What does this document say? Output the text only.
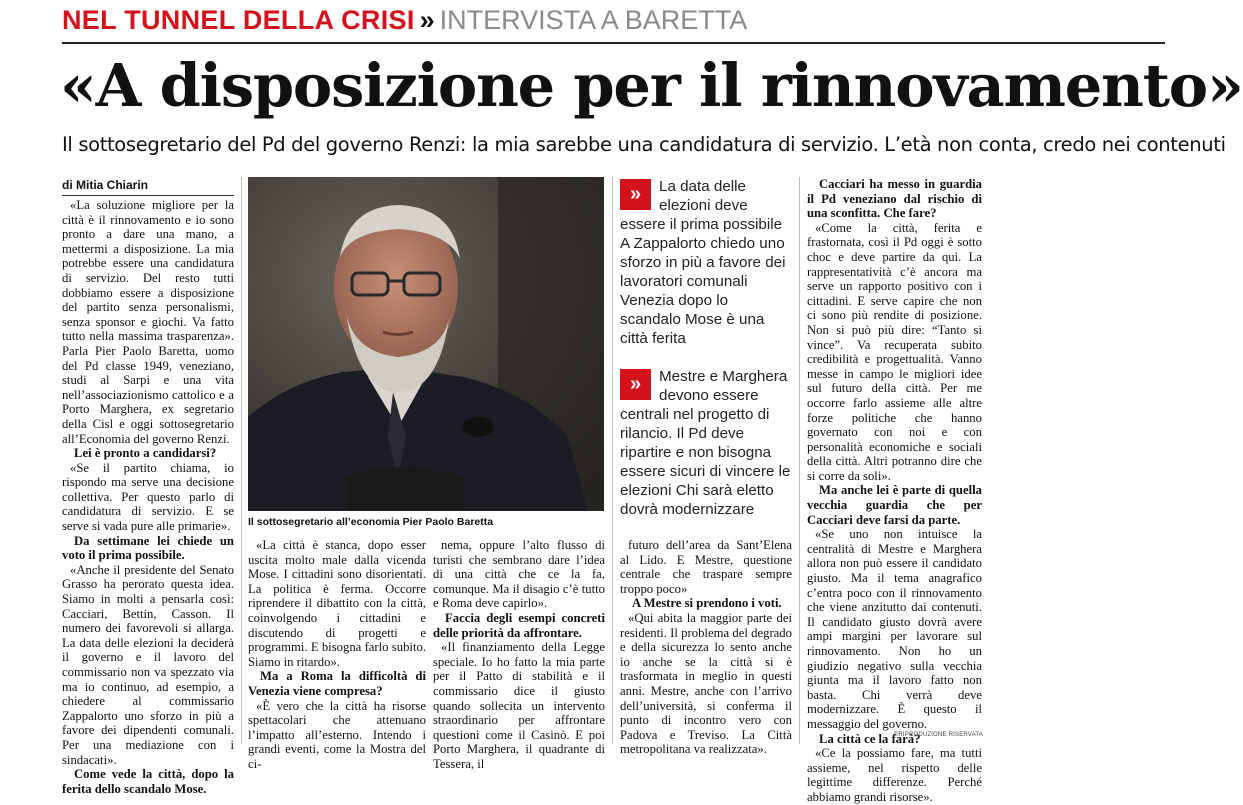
NEL TUNNEL DELLA CRISI » INTERVISTA A BARETTA
«A disposizione per il rinnovamento»
Il sottosegretario del Pd del governo Renzi: la mia sarebbe una candidatura di servizio. L’età non conta, credo nei contenuti
di Mitia Chiarin

«La soluzione migliore per la città è il rinnovamento e io sono pronto a dare una mano, a mettermi a disposizione. La mia potrebbe essere una candidatura di servizio. Del resto tutti dobbiamo essere a disposizione del partito senza personalismi, senza sponsor e giochi. Va fatto tutto nella massima trasparenza». Parla Pier Paolo Baretta, uomo del Pd classe 1949, veneziano, studi al Sarpi e una vita nell’associazionismo cattolico e a Porto Marghera, ex segretario della Cisl e oggi sottosegretario all’Economia del governo Renzi.

Lei è pronto a candidarsi?

«Se il partito chiama, io rispondo ma serve una decisione collettiva. Per questo parlo di candidatura di servizio. E se serve si vada pure alle primarie».

Da settimane lei chiede un voto il prima possibile.

«Anche il presidente del Senato Grasso ha perorato questa idea. Siamo in molti a pensarla così: Cacciari, Bettin, Casson. Il numero dei favorevoli si allarga. La data delle elezioni la deciderà il governo e il lavoro del commissario non va spezzato via ma io continuo, ad esempio, a chiedere al commissario Zappalorto uno sforzo in più a favore dei dipendenti comunali. Per una mediazione con i sindacati».

Come vede la città, dopo la ferita dello scandalo Mose.

Il sottosegretario all’economia Pier Paolo Baretta

«La città è stanca, dopo esser uscita molto male dalla vicenda Mose. I cittadini sono disorientati. La politica è ferma. Occorre riprendere il dibattito con la città, coinvolgendo i cittadini e discutendo di progetti e programmi. E bisogna farlo subito. Siamo in ritardo».

Ma a Roma la difficoltà di Venezia viene compresa?

«È vero che la città ha risorse spettacolari che attenuano l’impatto all’esterno. Intendo i grandi eventi, come la Mostra del ci-

nema, oppure l’alto flusso di turisti che sembrano dare l’idea di una città che ce la fa, comunque. Ma il disagio c’è tutto e Roma deve capirlo».

Faccia degli esempi concreti delle priorità da affrontare.

«Il finanziamento della Legge speciale. Io ho fatto la mia parte per il Patto di stabilità e il commissario dice il giusto quando sollecita un intervento straordinario per affrontare questioni come il Casinò. E poi Porto Marghera, il quadrante di Tessera, il

»	La data delle elezioni deve essere il prima possibile A Zappalorto chiedo uno sforzo in più a favore dei lavoratori comunali Venezia dopo lo scandalo Mose è una città ferita
»	Mestre e Marghera devono essere centrali nel progetto di rilancio. Il Pd deve ripartire e non bisogna essere sicuri di vincere le elezioni Chi sarà eletto dovrà modernizzare

futuro dell’area da Sant’Elena al Lido. E Mestre, questione centrale che traspare sempre troppo poco»

A Mestre si prendono i voti.

«Qui abita la maggior parte dei residenti. Il problema del degrado e della sicurezza lo sento anche io anche se la città si è trasformata in meglio in questi anni. Mestre, anche con l’arrivo dell’università, si conferma il punto di incontro vero con Padova e Treviso. La Città metropolitana va realizzata».

Cacciari ha messo in guardia il Pd veneziano dal rischio di una sconfitta. Che fare?

«Come la città, ferita e frastornata, così il Pd oggi è sotto choc e deve partire da qui. La rappresentatività c’è ancora ma serve un rapporto positivo con i cittadini. E serve capire che non ci sono più rendite di posizione. Non si può più dire: “Tanto si vince”. Va recuperata subito credibilità e progettualità. Vanno messe in campo le migliori idee sul futuro della città. Per me occorre farlo assieme alle altre forze politiche che hanno governato con noi e con personalità economiche e sociali della città. Altri potranno dire che si corre da soli».

Ma anche lei è parte di quella vecchia guardia che per Cacciari deve farsi da parte.

«Se uno non intuisce la centralità di Mestre e Marghera allora non può essere il candidato giusto. Ma il tema anagrafico c’entra poco con il rinnovamento che viene anzitutto dai contenuti. Il candidato giusto dovrà avere ampi margini per lavorare sul rinnovamento. Non ho un giudizio negativo sulla vecchia giunta ma il lavoro fatto non basta. Chi verrà deve modernizzare. È questo il messaggio del governo.

La città ce la farà?

«Ce la possiamo fare, ma tutti assieme, nel rispetto delle legittime differenze. Perché abbiamo grandi risorse».

©RIPRODUZIONE RISERVATA
